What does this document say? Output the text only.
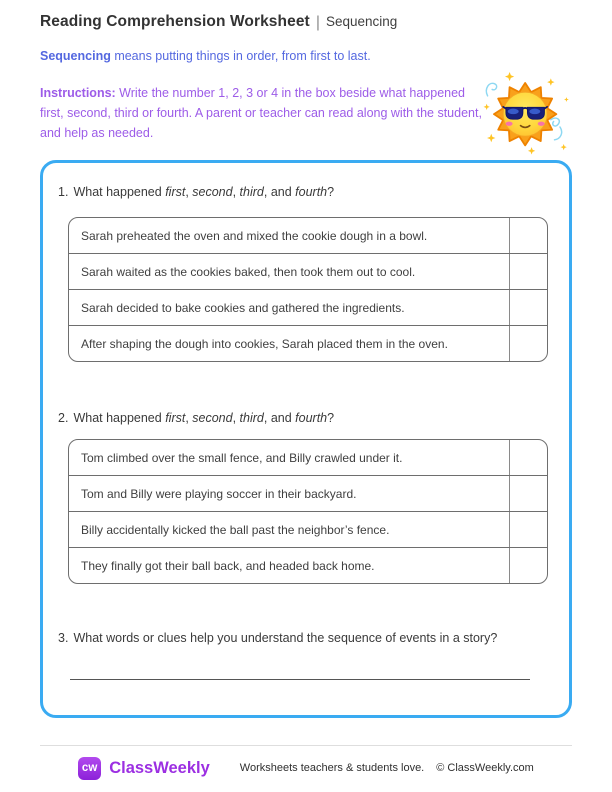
Reading Comprehension Worksheet | Sequencing
Sequencing means putting things in order, from first to last.
Instructions: Write the number 1, 2, 3 or 4 in the box beside what happened first, second, third or fourth. A parent or teacher can read along with the student, and help as needed.
1. What happened first, second, third, and fourth?
Sarah preheated the oven and mixed the cookie dough in a bowl.
Sarah waited as the cookies baked, then took them out to cool.
Sarah decided to bake cookies and gathered the ingredients.
After shaping the dough into cookies, Sarah placed them in the oven.
2. What happened first, second, third, and fourth?
Tom climbed over the small fence, and Billy crawled under it.
Tom and Billy were playing soccer in their backyard.
Billy accidentally kicked the ball past the neighbor’s fence.
They finally got their ball back, and headed back home.
3. What words or clues help you understand the sequence of events in a story?
cw ClassWeekly	Worksheets teachers & students love. © ClassWeekly.com
